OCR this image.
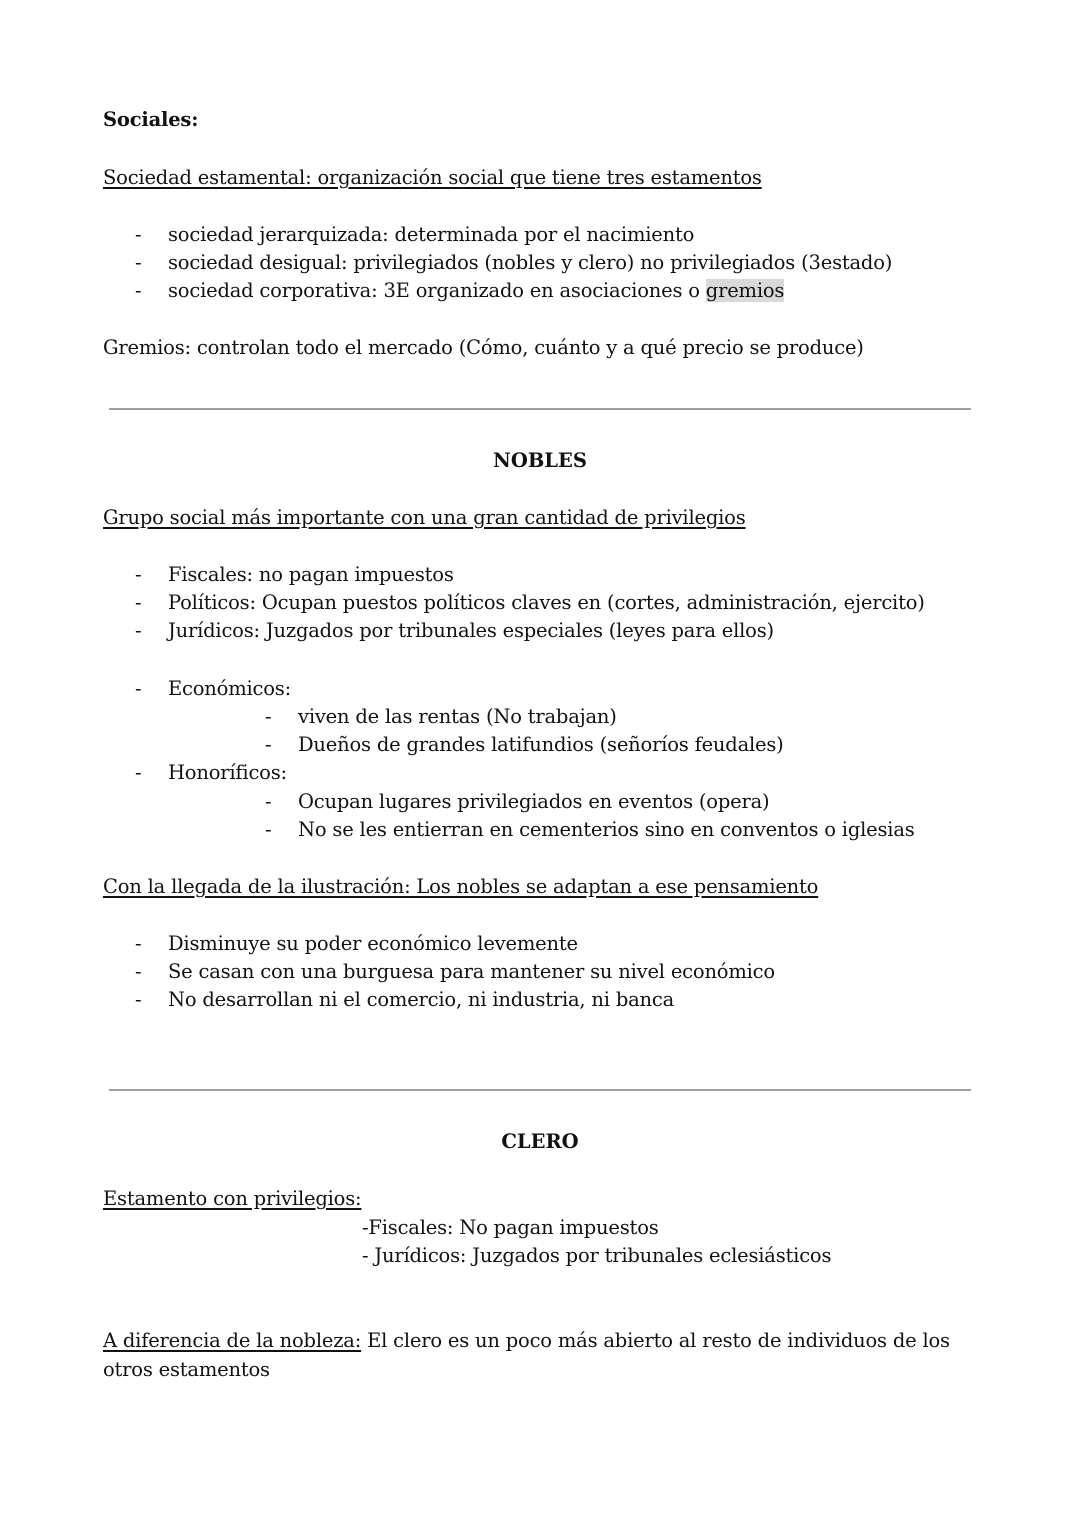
Sociales:
Sociedad estamental: organización social que tiene tres estamentos
- sociedad jerarquizada: determinada por el nacimiento
- sociedad desigual: privilegiados (nobles y clero) no privilegiados (3estado)
- sociedad corporativa: 3E organizado en asociaciones o gremios
Gremios: controlan todo el mercado (Cómo, cuánto y a qué precio se produce)
NOBLES
Grupo social más importante con una gran cantidad de privilegios
- Fiscales: no pagan impuestos
- Políticos: Ocupan puestos políticos claves en (cortes, administración, ejercito)
- Jurídicos: Juzgados por tribunales especiales (leyes para ellos)
- Económicos:
- viven de las rentas (No trabajan)
- Dueños de grandes latifundios (señoríos feudales)
- Honoríficos:
- Ocupan lugares privilegiados en eventos (opera)
- No se les entierran en cementerios sino en conventos o iglesias
Con la llegada de la ilustración: Los nobles se adaptan a ese pensamiento
- Disminuye su poder económico levemente
- Se casan con una burguesa para mantener su nivel económico
- No desarrollan ni el comercio, ni industria, ni banca
CLERO
Estamento con privilegios:
-Fiscales: No pagan impuestos
- Jurídicos: Juzgados por tribunales eclesiásticos
A diferencia de la nobleza: El clero es un poco más abierto al resto de individuos de los
otros estamentos
